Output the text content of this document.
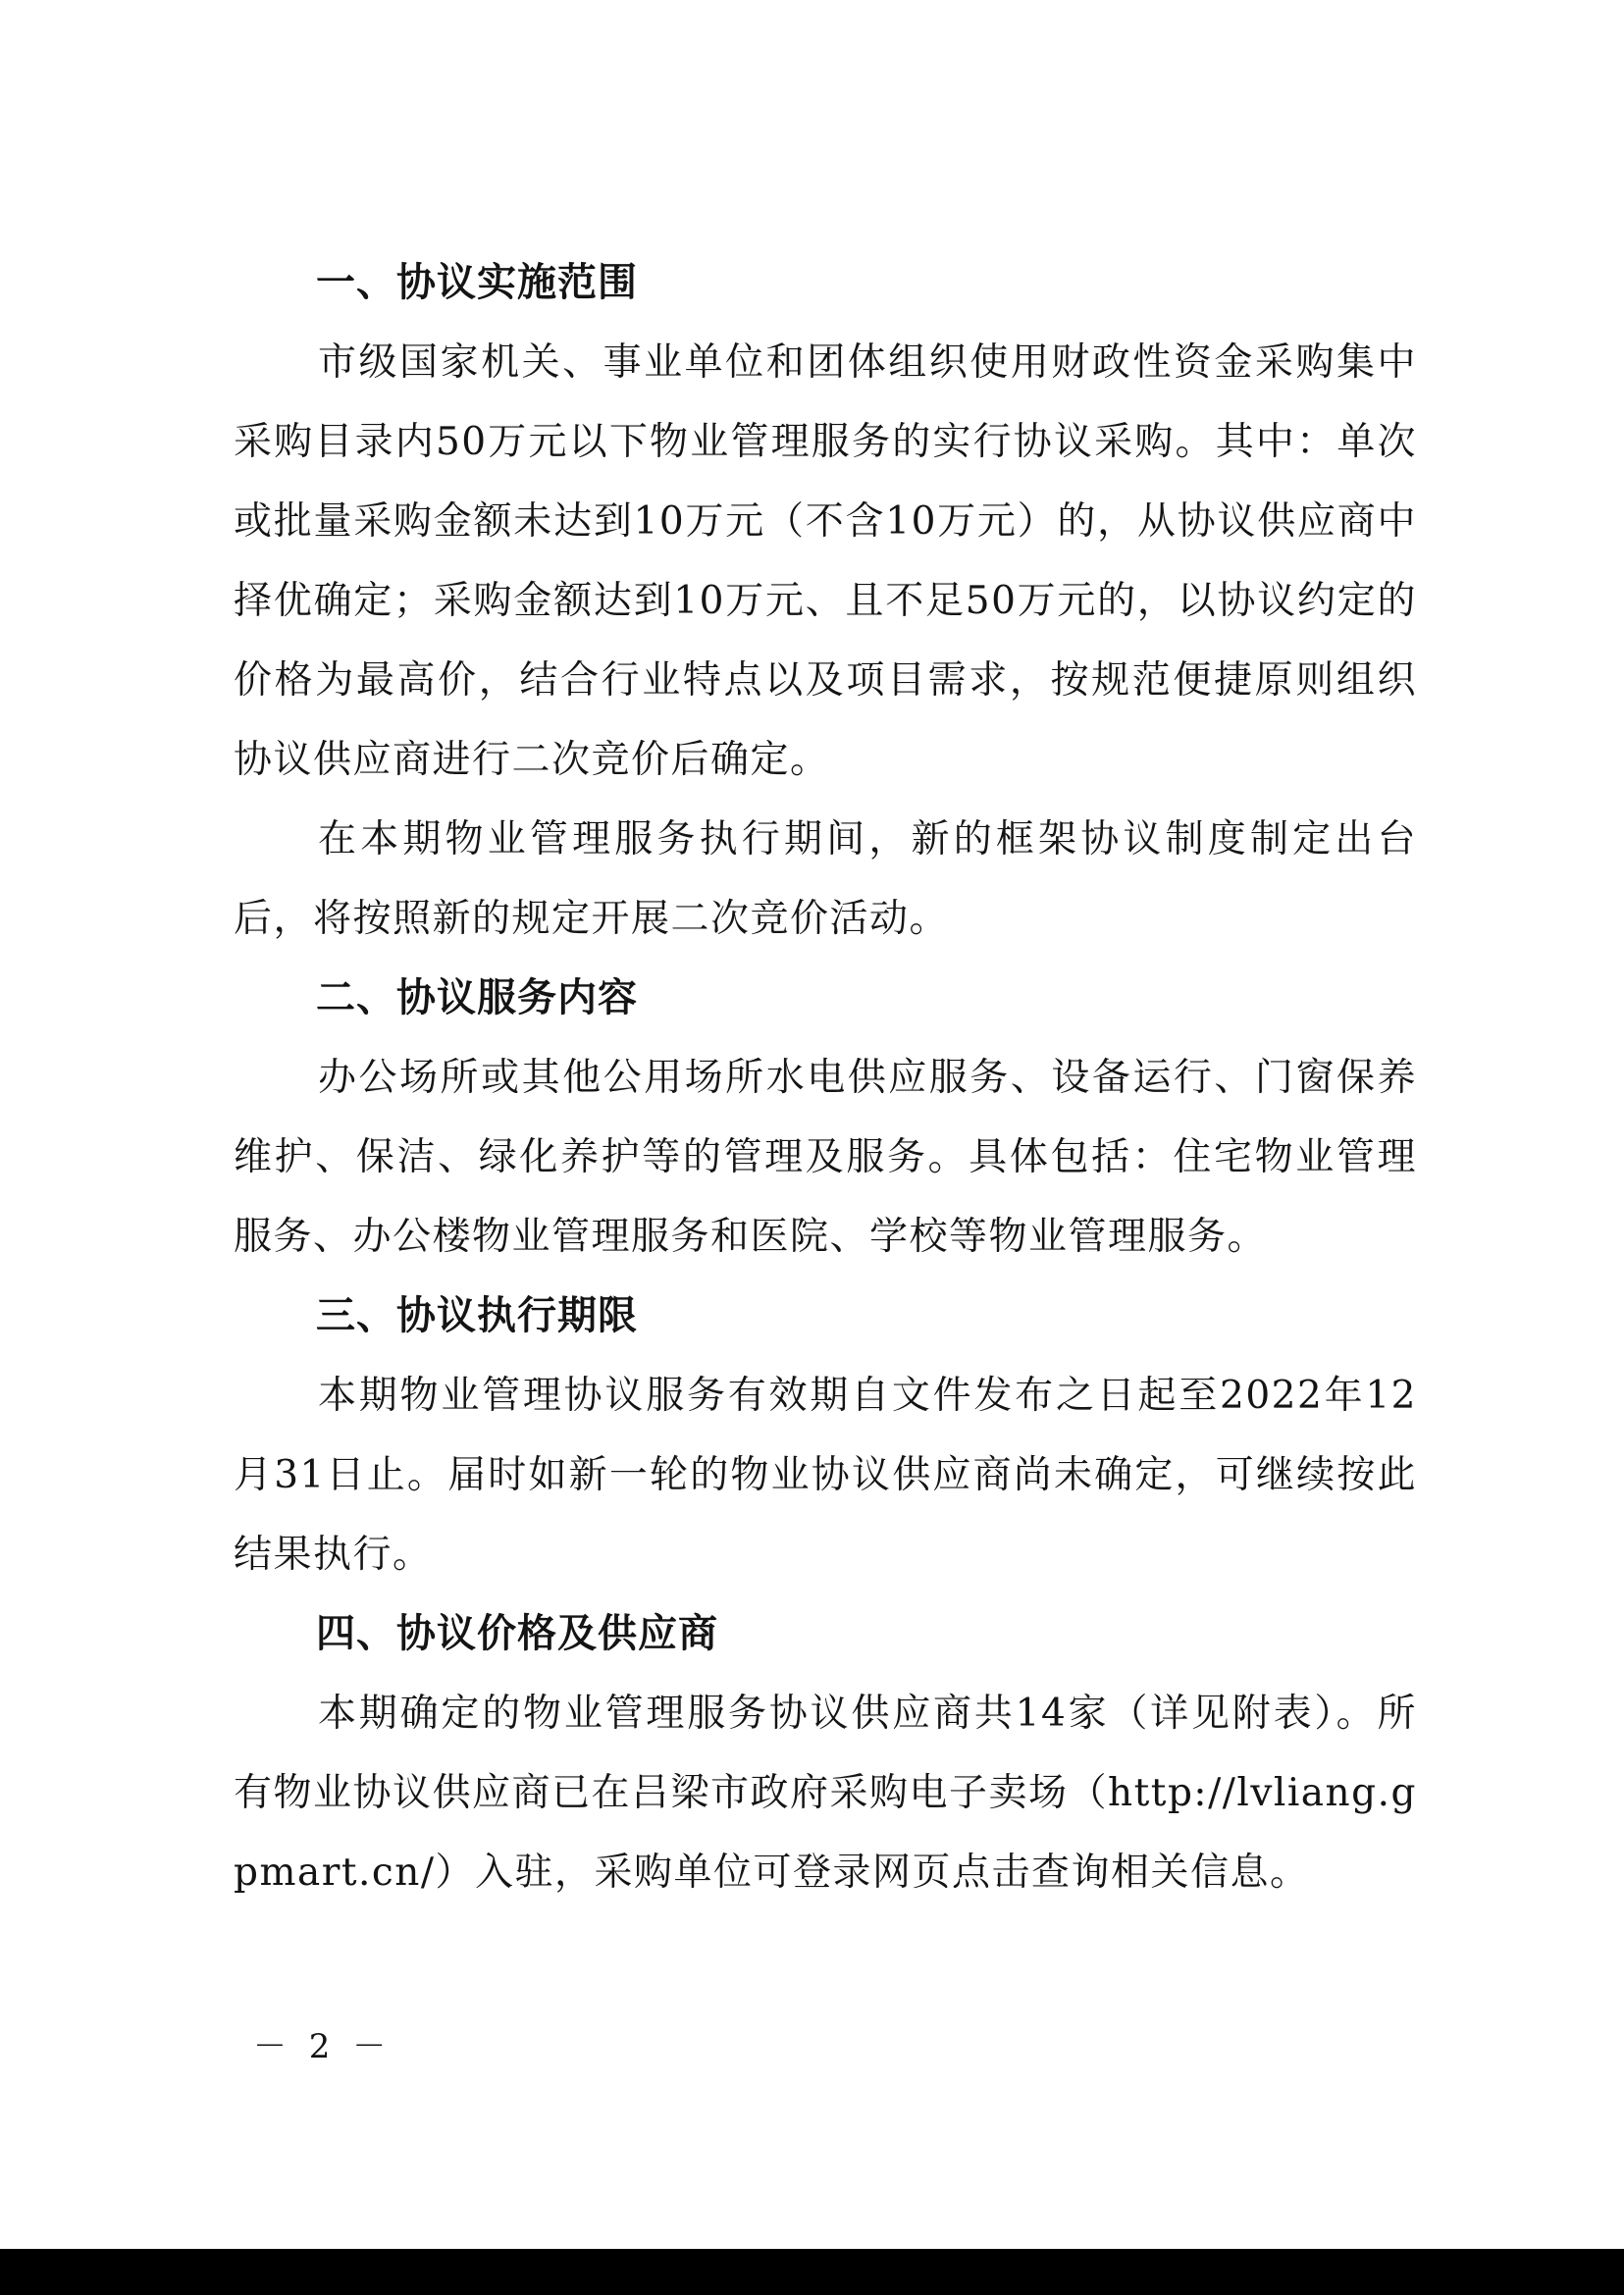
一、协议实施范围

市级国家机关、事业单位和团体组织使用财政性资金采购集中采购目录内50万元以下物业管理服务的实行协议采购。其中：单次或批量采购金额未达到10万元（不含10万元）的，从协议供应商中择优确定；采购金额达到10万元、且不足50万元的，以协议约定的价格为最高价，结合行业特点以及项目需求，按规范便捷原则组织协议供应商进行二次竞价后确定。

在本期物业管理服务执行期间，新的框架协议制度制定出台后，将按照新的规定开展二次竞价活动。

二、协议服务内容

办公场所或其他公用场所水电供应服务、设备运行、门窗保养维护、保洁、绿化养护等的管理及服务。具体包括：住宅物业管理服务、办公楼物业管理服务和医院、学校等物业管理服务。

三、协议执行期限

本期物业管理协议服务有效期自文件发布之日起至2022年12月31日止。届时如新一轮的物业协议供应商尚未确定，可继续按此结果执行。

四、协议价格及供应商

本期确定的物业管理服务协议供应商共14家（详见附表）。所有物业协议供应商已在吕梁市政府采购电子卖场（http://lvliang.gpmart.cn/）入驻，采购单位可登录网页点击查询相关信息。

－ 2 －
